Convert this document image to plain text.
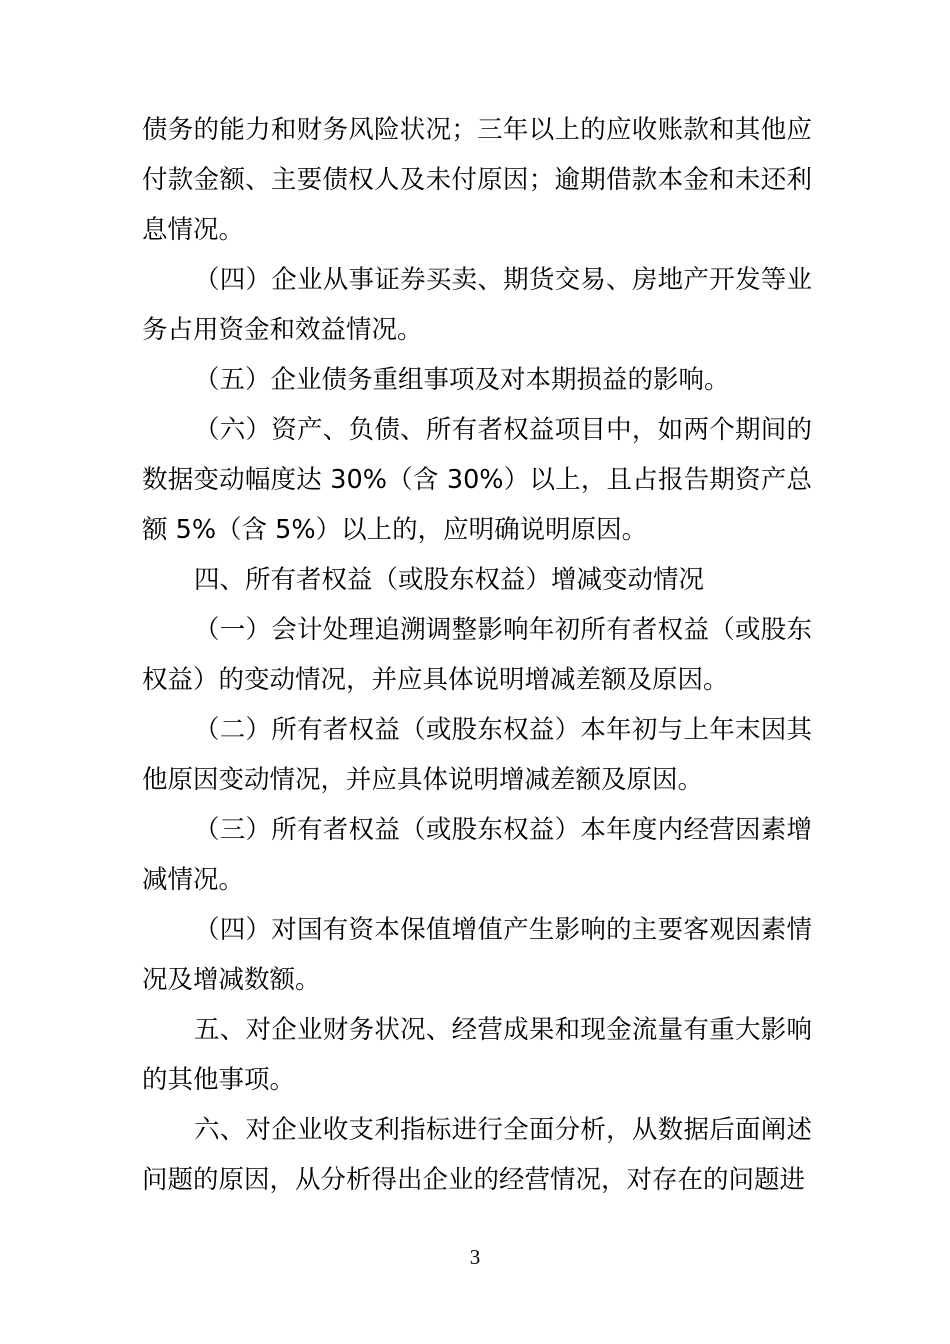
债务的能力和财务风险状况；三年以上的应收账款和其他应付款金额、主要债权人及未付原因；逾期借款本金和未还利息情况。

（四）企业从事证券买卖、期货交易、房地产开发等业务占用资金和效益情况。

（五）企业债务重组事项及对本期损益的影响。

（六）资产、负债、所有者权益项目中，如两个期间的数据变动幅度达 30%（含 30%）以上，且占报告期资产总额 5%（含 5%）以上的，应明确说明原因。

四、所有者权益（或股东权益）增减变动情况

（一）会计处理追溯调整影响年初所有者权益（或股东权益）的变动情况，并应具体说明增减差额及原因。

（二）所有者权益（或股东权益）本年初与上年末因其他原因变动情况，并应具体说明增减差额及原因。

（三）所有者权益（或股东权益）本年度内经营因素增减情况。

（四）对国有资本保值增值产生影响的主要客观因素情况及增减数额。

五、对企业财务状况、经营成果和现金流量有重大影响的其他事项。

六、对企业收支利指标进行全面分析，从数据后面阐述问题的原因，从分析得出企业的经营情况，对存在的问题进

3
